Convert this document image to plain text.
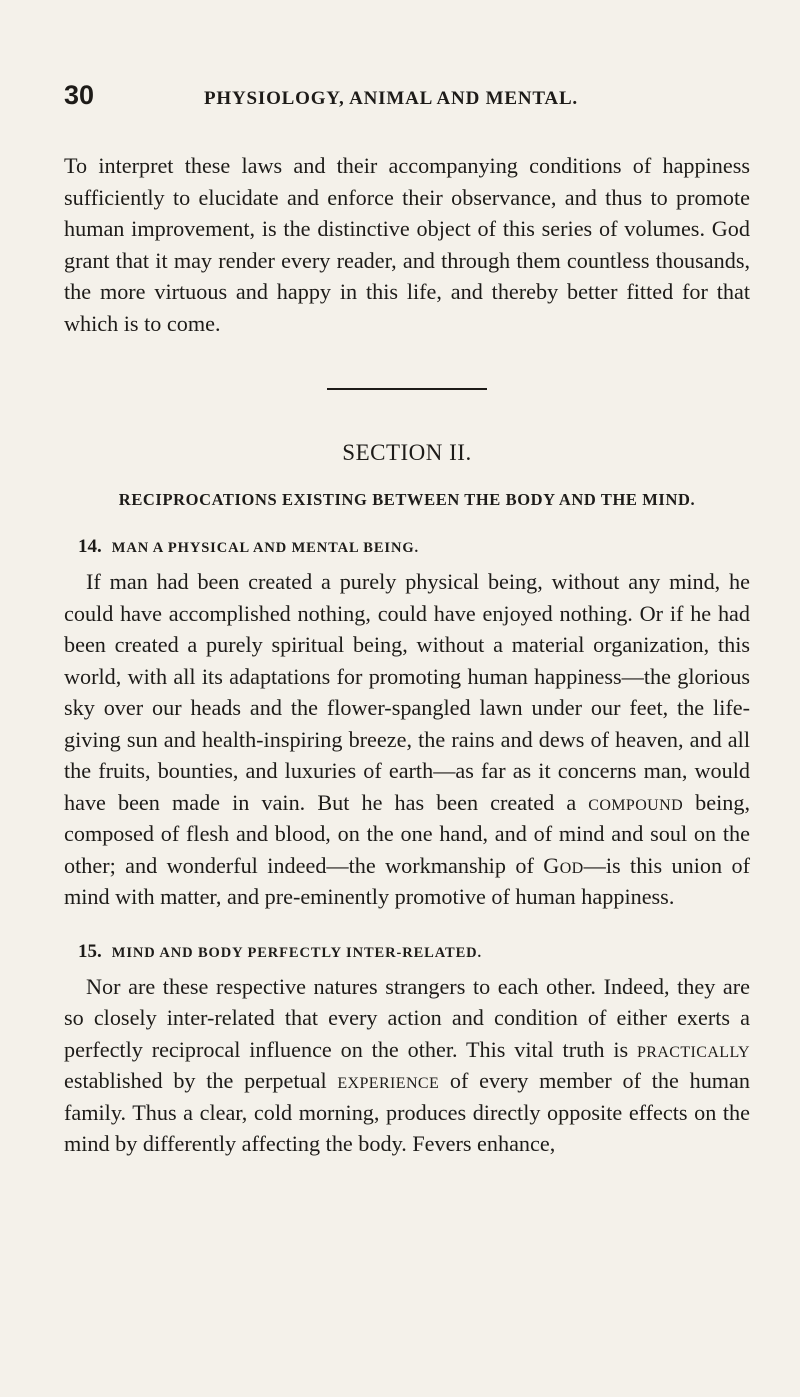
30	PHYSIOLOGY, ANIMAL AND MENTAL.

To interpret these laws and their accompanying conditions of happiness sufficiently to elucidate and enforce their observance, and thus to promote human improvement, is the distinctive object of this series of volumes. God grant that it may render every reader, and through them countless thousands, the more virtuous and happy in this life, and thereby better fitted for that which is to come.

SECTION II.
RECIPROCATIONS EXISTING BETWEEN THE BODY AND THE MIND.
14. MAN A PHYSICAL AND MENTAL BEING.

If man had been created a purely physical being, without any mind, he could have accomplished nothing, could have enjoyed nothing. Or if he had been created a purely spiritual being, without a material organization, this world, with all its adaptations for promoting human happiness—the glorious sky over our heads and the flower-spangled lawn under our feet, the life-giving sun and health-inspiring breeze, the rains and dews of heaven, and all the fruits, bounties, and luxuries of earth—as far as it concerns man, would have been made in vain. But he has been created a compound being, composed of flesh and blood, on the one hand, and of mind and soul on the other; and wonderful indeed—the workmanship of God—is this union of mind with matter, and pre-eminently promotive of human happiness.

15. MIND AND BODY PERFECTLY INTER-RELATED.

Nor are these respective natures strangers to each other. Indeed, they are so closely inter-related that every action and condition of either exerts a perfectly reciprocal influence on the other. This vital truth is practically established by the perpetual experience of every member of the human family. Thus a clear, cold morning, produces directly opposite effects on the mind by differently affecting the body. Fevers enhance,
